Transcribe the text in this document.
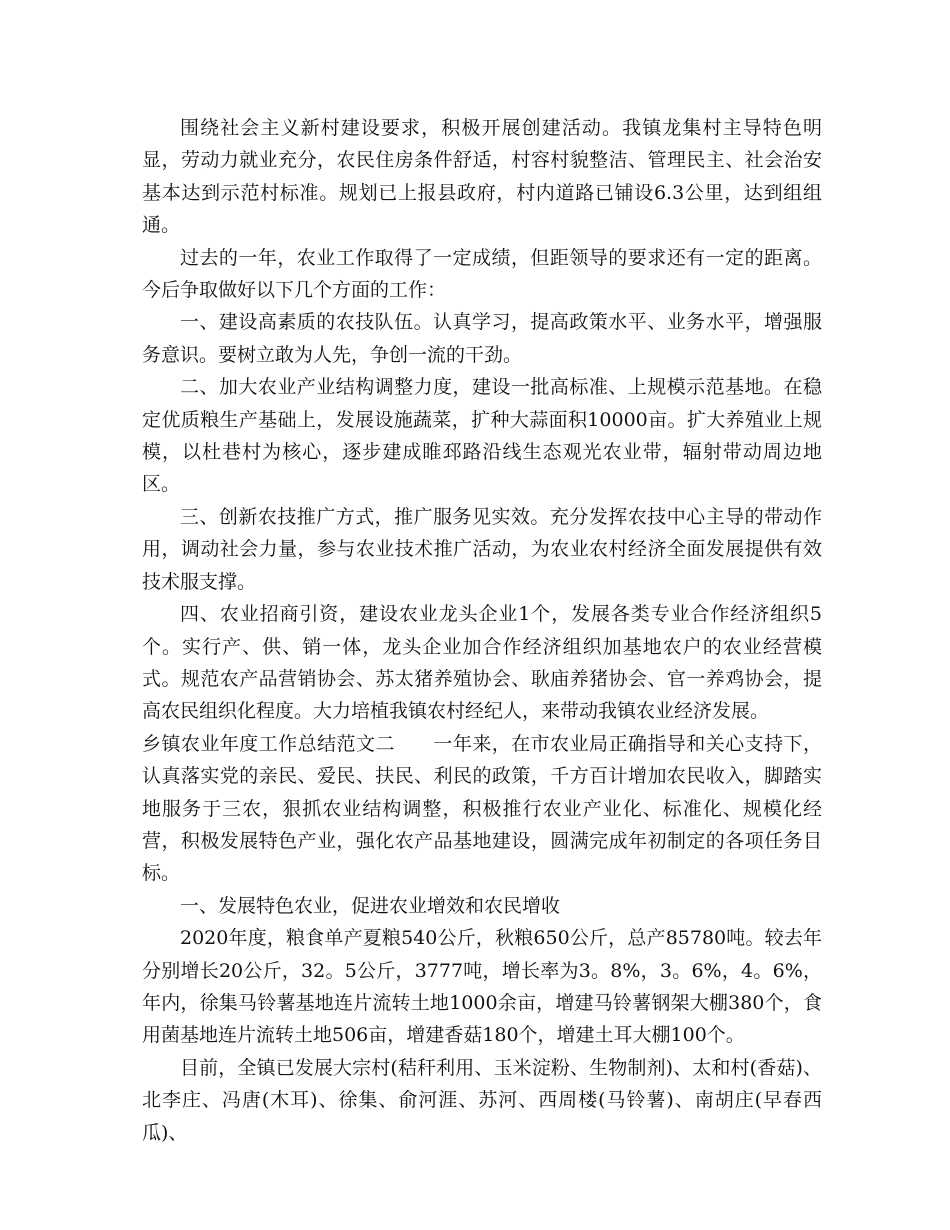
围绕社会主义新村建设要求，积极开展创建活动。我镇龙集村主导特色明显，劳动力就业充分，农民住房条件舒适，村容村貌整洁、管理民主、社会治安基本达到示范村标准。规划已上报县政府，村内道路已铺设6.3公里，达到组组通。

过去的一年，农业工作取得了一定成绩，但距领导的要求还有一定的距离。今后争取做好以下几个方面的工作：

一、建设高素质的农技队伍。认真学习，提高政策水平、业务水平，增强服务意识。要树立敢为人先，争创一流的干劲。

二、加大农业产业结构调整力度，建设一批高标准、上规模示范基地。在稳定优质粮生产基础上，发展设施蔬菜，扩种大蒜面积10000亩。扩大养殖业上规模，以杜巷村为核心，逐步建成睢邳路沿线生态观光农业带，辐射带动周边地区。

三、创新农技推广方式，推广服务见实效。充分发挥农技中心主导的带动作用，调动社会力量，参与农业技术推广活动，为农业农村经济全面发展提供有效技术服支撑。

四、农业招商引资，建设农业龙头企业1个，发展各类专业合作经济组织5个。实行产、供、销一体，龙头企业加合作经济组织加基地农户的农业经营模式。规范农产品营销协会、苏太猪养殖协会、耿庙养猪协会、官一养鸡协会，提高农民组织化程度。大力培植我镇农村经纪人，来带动我镇农业经济发展。

乡镇农业年度工作总结范文二 一年来，在市农业局正确指导和关心支持下，认真落实党的亲民、爱民、扶民、利民的政策，千方百计增加农民收入，脚踏实地服务于三农，狠抓农业结构调整，积极推行农业产业化、标准化、规模化经营，积极发展特色产业，强化农产品基地建设，圆满完成年初制定的各项任务目标。

一、发展特色农业，促进农业增效和农民增收

2020年度，粮食单产夏粮540公斤，秋粮650公斤，总产85780吨。较去年分别增长20公斤，32。5公斤，3777吨，增长率为3。8%，3。6%，4。6%，年内，徐集马铃薯基地连片流转土地1000余亩，增建马铃薯钢架大棚380个，食用菌基地连片流转土地506亩，增建香菇180个，增建土耳大棚100个。

目前，全镇已发展大宗村(秸秆利用、玉米淀粉、生物制剂)、太和村(香菇)、北李庄、冯唐(木耳)、徐集、俞河涯、苏河、西周楼(马铃薯)、南胡庄(早春西瓜)、
